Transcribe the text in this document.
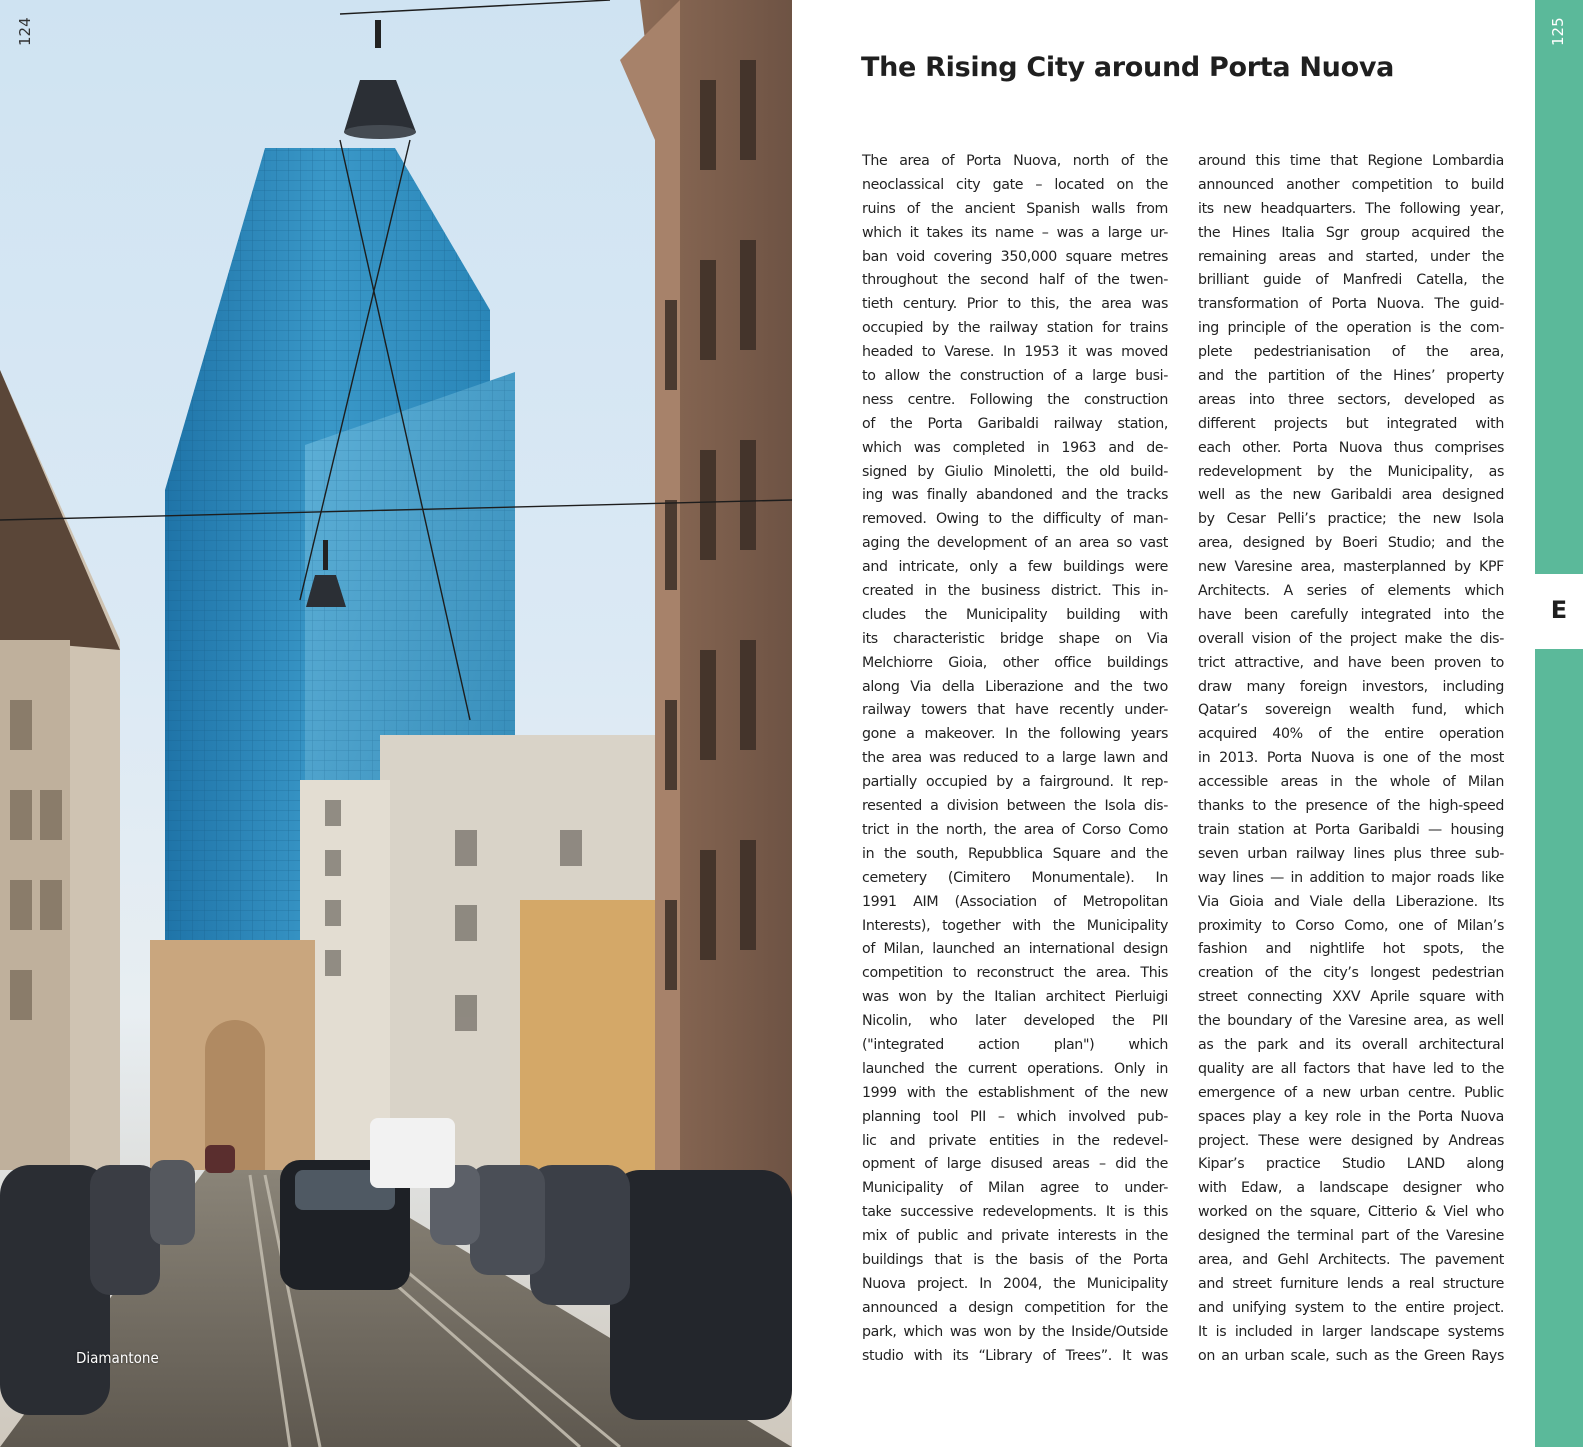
124
Diamantone
The Rising City around Porta Nuova
The area of Porta Nuova, north of the
neoclassical city gate – located on the
ruins of the ancient Spanish walls from
which it takes its name – was a large ur-
ban void covering 350,000 square metres
throughout the second half of the twen-
tieth century. Prior to this, the area was
occupied by the railway station for trains
headed to Varese. In 1953 it was moved
to allow the construction of a large busi-
ness centre. Following the construction
of the Porta Garibaldi railway station,
which was completed in 1963 and de-
signed by Giulio Minoletti, the old build-
ing was finally abandoned and the tracks
removed. Owing to the difficulty of man-
aging the development of an area so vast
and intricate, only a few buildings were
created in the business district. This in-
cludes the Municipality building with
its characteristic bridge shape on Via
Melchiorre Gioia, other office buildings
along Via della Liberazione and the two
railway towers that have recently under-
gone a makeover. In the following years
the area was reduced to a large lawn and
partially occupied by a fairground. It rep-
resented a division between the Isola dis-
trict in the north, the area of Corso Como
in the south, Repubblica Square and the
cemetery (Cimitero Monumentale). In
1991 AIM (Association of Metropolitan
Interests), together with the Municipality
of Milan, launched an international design
competition to reconstruct the area. This
was won by the Italian architect Pierluigi
Nicolin, who later developed the PII
("integrated action plan") which
launched the current operations. Only in
1999 with the establishment of the new
planning tool PII – which involved pub-
lic and private entities in the redevel-
opment of large disused areas – did the
Municipality of Milan agree to under-
take successive redevelopments. It is this
mix of public and private interests in the
buildings that is the basis of the Porta
Nuova project. In 2004, the Municipality
announced a design competition for the
park, which was won by the Inside/Outside
studio with its “Library of Trees”. It was
around this time that Regione Lombardia
announced another competition to build
its new headquarters. The following year,
the Hines Italia Sgr group acquired the
remaining areas and started, under the
brilliant guide of Manfredi Catella, the
transformation of Porta Nuova. The guid-
ing principle of the operation is the com-
plete pedestrianisation of the area,
and the partition of the Hines’ property
areas into three sectors, developed as
different projects but integrated with
each other. Porta Nuova thus comprises
redevelopment by the Municipality, as
well as the new Garibaldi area designed
by Cesar Pelli’s practice; the new Isola
area, designed by Boeri Studio; and the
new Varesine area, masterplanned by KPF
Architects. A series of elements which
have been carefully integrated into the
overall vision of the project make the dis-
trict attractive, and have been proven to
draw many foreign investors, including
Qatar’s sovereign wealth fund, which
acquired 40% of the entire operation
in 2013. Porta Nuova is one of the most
accessible areas in the whole of Milan
thanks to the presence of the high-speed
train station at Porta Garibaldi — housing
seven urban railway lines plus three sub-
way lines — in addition to major roads like
Via Gioia and Viale della Liberazione. Its
proximity to Corso Como, one of Milan’s
fashion and nightlife hot spots, the
creation of the city’s longest pedestrian
street connecting XXV Aprile square with
the boundary of the Varesine area, as well
as the park and its overall architectural
quality are all factors that have led to the
emergence of a new urban centre. Public
spaces play a key role in the Porta Nuova
project. These were designed by Andreas
Kipar’s practice Studio LAND along
with Edaw, a landscape designer who
worked on the square, Citterio & Viel who
designed the terminal part of the Varesine
area, and Gehl Architects. The pavement
and street furniture lends a real structure
and unifying system to the entire project.
It is included in larger landscape systems
on an urban scale, such as the Green Rays
125
E
